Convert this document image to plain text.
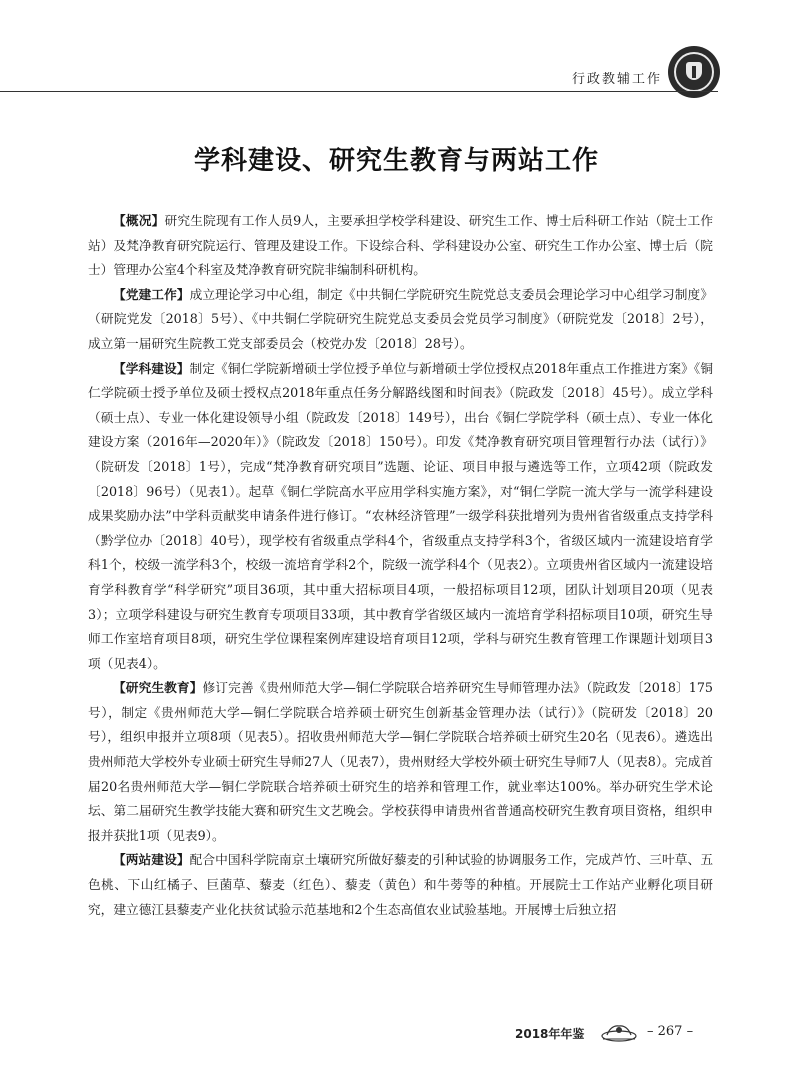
行政教辅工作
学科建设、研究生教育与两站工作

【概况】研究生院现有工作人员9人，主要承担学校学科建设、研究生工作、博士后科研工作站（院士工作站）及梵净教育研究院运行、管理及建设工作。下设综合科、学科建设办公室、研究生工作办公室、博士后（院士）管理办公室4个科室及梵净教育研究院非编制科研机构。

【党建工作】成立理论学习中心组，制定《中共铜仁学院研究生院党总支委员会理论学习中心组学习制度》（研院党发〔2018〕5号）、《中共铜仁学院研究生院党总支委员会党员学习制度》（研院党发〔2018〕2号），成立第一届研究生院教工党支部委员会（校党办发〔2018〕28号）。

【学科建设】制定《铜仁学院新增硕士学位授予单位与新增硕士学位授权点2018年重点工作推进方案》《铜仁学院硕士授予单位及硕士授权点2018年重点任务分解路线图和时间表》（院政发〔2018〕45号）。成立学科（硕士点）、专业一体化建设领导小组（院政发〔2018〕149号），出台《铜仁学院学科（硕士点）、专业一体化建设方案（2016年—2020年）》（院政发〔2018〕150号）。印发《梵净教育研究项目管理暂行办法（试行）》（院研发〔2018〕1号），完成“梵净教育研究项目”选题、论证、项目申报与遴选等工作，立项42项（院政发〔2018〕96号）（见表1）。起草《铜仁学院高水平应用学科实施方案》，对“铜仁学院一流大学与一流学科建设成果奖励办法”中学科贡献奖申请条件进行修订。“农林经济管理”一级学科获批增列为贵州省省级重点支持学科（黔学位办〔2018〕40号），现学校有省级重点学科4个，省级重点支持学科3个，省级区域内一流建设培育学科1个，校级一流学科3个，校级一流培育学科2个，院级一流学科4个（见表2）。立项贵州省区域内一流建设培育学科教育学“科学研究”项目36项，其中重大招标项目4项，一般招标项目12项，团队计划项目20项（见表3）；立项学科建设与研究生教育专项项目33项，其中教育学省级区域内一流培育学科招标项目10项，研究生导师工作室培育项目8项，研究生学位课程案例库建设培育项目12项，学科与研究生教育管理工作课题计划项目3项（见表4）。

【研究生教育】修订完善《贵州师范大学—铜仁学院联合培养研究生导师管理办法》（院政发〔2018〕175号），制定《贵州师范大学—铜仁学院联合培养硕士研究生创新基金管理办法（试行）》（院研发〔2018〕20号），组织申报并立项8项（见表5）。招收贵州师范大学—铜仁学院联合培养硕士研究生20名（见表6）。遴选出贵州师范大学校外专业硕士研究生导师27人（见表7），贵州财经大学校外硕士研究生导师7人（见表8）。完成首届20名贵州师范大学—铜仁学院联合培养硕士研究生的培养和管理工作，就业率达100%。举办研究生学术论坛、第二届研究生教学技能大赛和研究生文艺晚会。学校获得申请贵州省普通高校研究生教育项目资格，组织申报并获批1项（见表9）。

【两站建设】配合中国科学院南京土壤研究所做好藜麦的引种试验的协调服务工作，完成芦竹、三叶草、五色桃、下山红橘子、巨菌草、藜麦（红色）、藜麦（黄色）和牛蒡等的种植。开展院士工作站产业孵化项目研究，建立德江县藜麦产业化扶贫试验示范基地和2个生态高值农业试验基地。开展博士后独立招

2018年年鉴	– 267 –
